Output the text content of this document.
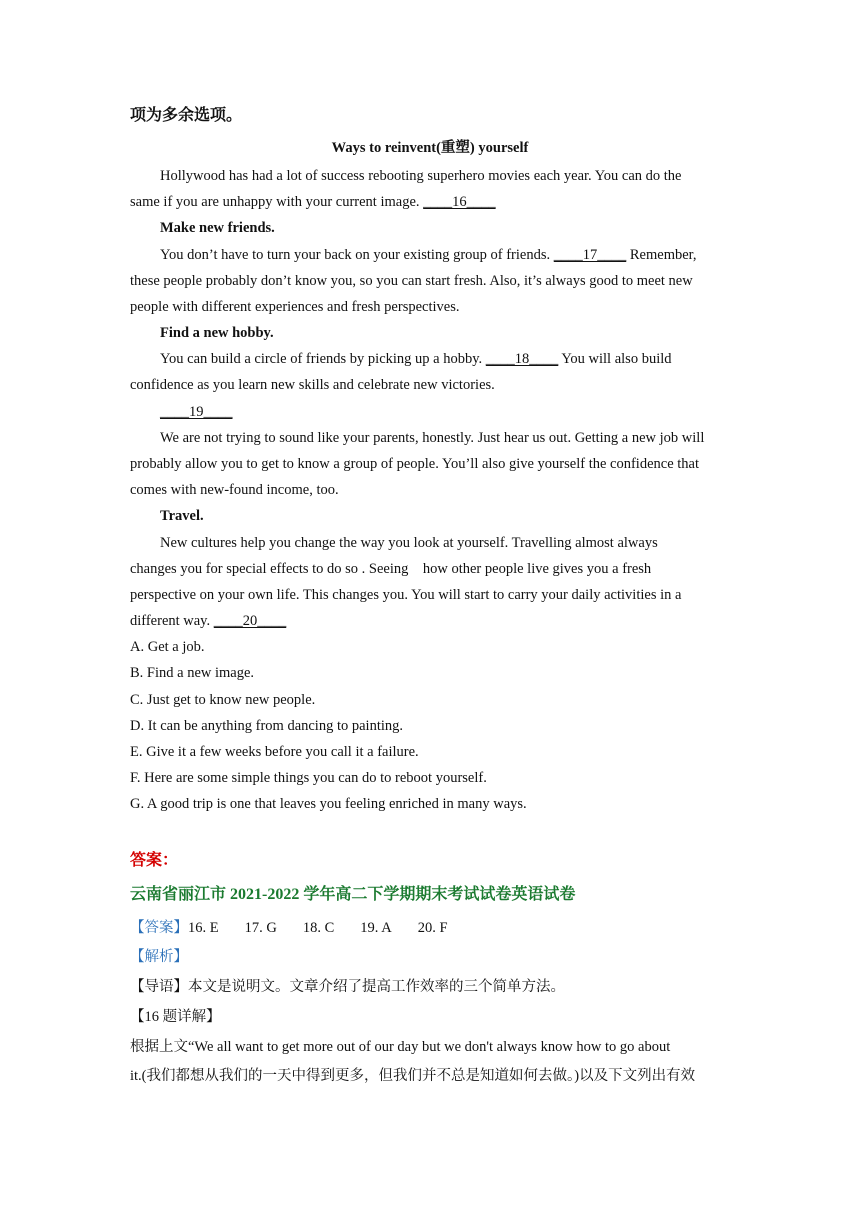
项为多余选项。
Ways to reinvent(重塑) yourself
Hollywood has had a lot of success rebooting superhero movies each year. You can do the
same if you are unhappy with your current image. ____16____
Make new friends.
You don’t have to turn your back on your existing group of friends. ____17____ Remember,
these people probably don’t know you, so you can start fresh. Also, it’s always good to meet new
people with different experiences and fresh perspectives.
Find a new hobby.
You can build a circle of friends by picking up a hobby. ____18____ You will also build
confidence as you learn new skills and celebrate new victories.
____19____
We are not trying to sound like your parents, honestly. Just hear us out. Getting a new job will
probably allow you to get to know a group of people. You’ll also give yourself the confidence that
comes with new-found income, too.
Travel.
New cultures help you change the way you look at yourself. Travelling almost always
changes you for special effects to do so . Seeing    how other people live gives you a fresh
perspective on your own life. This changes you. You will start to carry your daily activities in a
different way. ____20____
A. Get a job.
B. Find a new image.
C. Just get to know new people.
D. It can be anything from dancing to painting.
E. Give it a few weeks before you call it a failure.
F. Here are some simple things you can do to reboot yourself.
G. A good trip is one that leaves you feeling enriched in many ways.
答案：
云南省丽江市 2021-2022 学年高二下学期期末考试试卷英语试卷
【答案】16. E 17. G 18. C 19. A 20. F
【解析】
【导语】本文是说明文。文章介绍了提高工作效率的三个简单方法。
【16 题详解】
根据上文“We all want to get more out of our day but we don't always know how to go about
it.(我们都想从我们的一天中得到更多，但我们并不总是知道如何去做。)以及下文列出有效
